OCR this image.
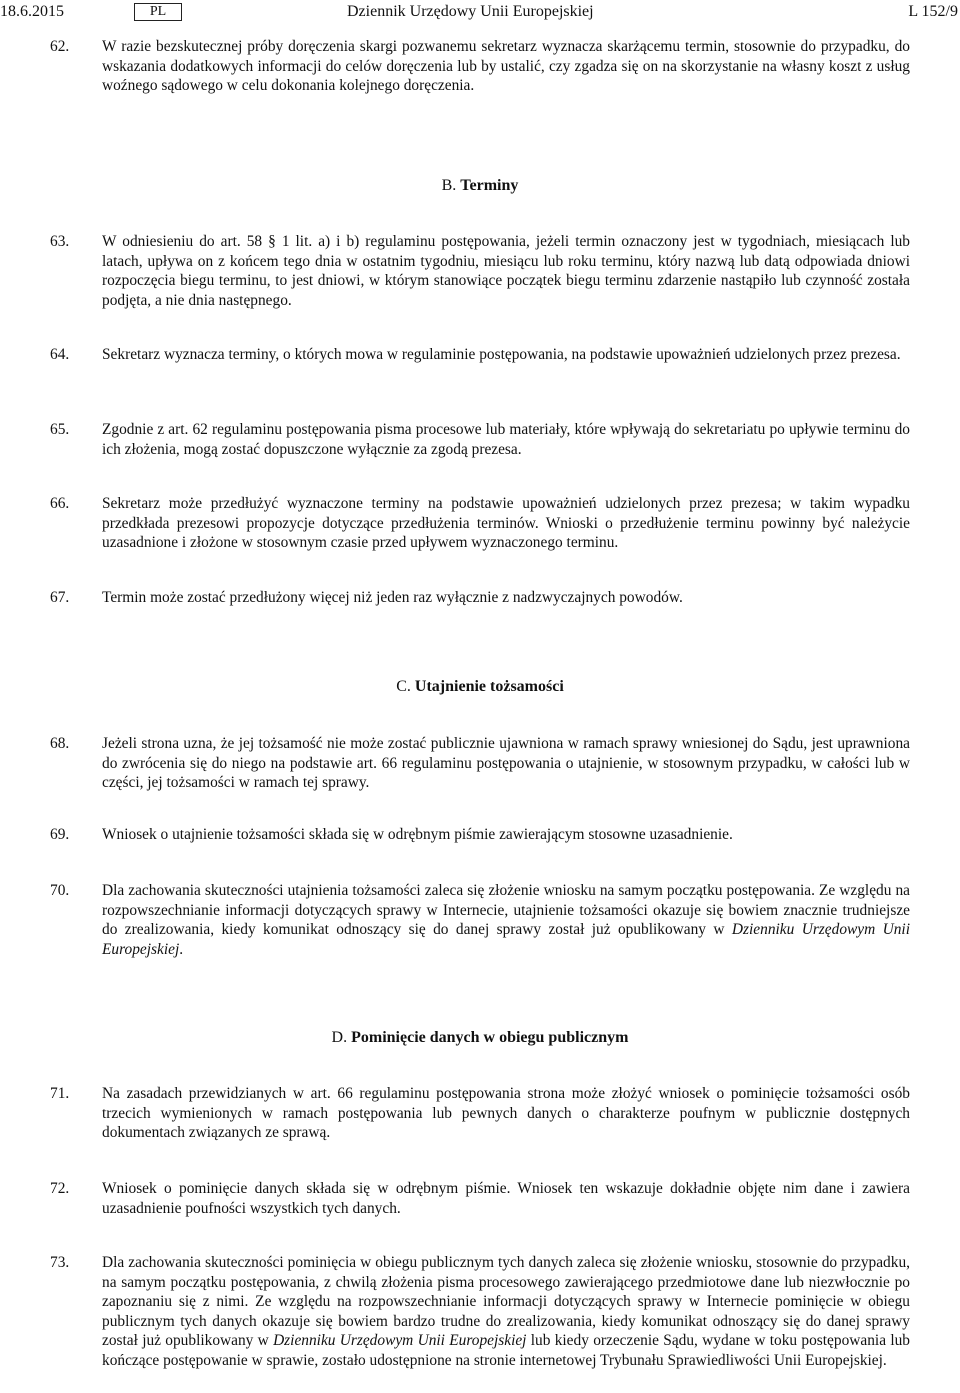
18.6.2015	PL	Dziennik Urzędowy Unii Europejskiej	L 152/9
62. W razie bezskutecznej próby doręczenia skargi pozwanemu sekretarz wyznacza skarżącemu termin, stosownie do przypadku, do wskazania dodatkowych informacji do celów doręczenia lub by ustalić, czy zgadza się on na skorzystanie na własny koszt z usług woźnego sądowego w celu dokonania kolejnego doręczenia.
B. Terminy
63. W odniesieniu do art. 58 § 1 lit. a) i b) regulaminu postępowania, jeżeli termin oznaczony jest w tygodniach, miesiącach lub latach, upływa on z końcem tego dnia w ostatnim tygodniu, miesiącu lub roku terminu, który nazwą lub datą odpowiada dniowi rozpoczęcia biegu terminu, to jest dniowi, w którym stanowiące początek biegu terminu zdarzenie nastąpiło lub czynność została podjęta, a nie dnia następnego.
64. Sekretarz wyznacza terminy, o których mowa w regulaminie postępowania, na podstawie upoważnień udzielonych przez prezesa.
65. Zgodnie z art. 62 regulaminu postępowania pisma procesowe lub materiały, które wpływają do sekretariatu po upływie terminu do ich złożenia, mogą zostać dopuszczone wyłącznie za zgodą prezesa.
66. Sekretarz może przedłużyć wyznaczone terminy na podstawie upoważnień udzielonych przez prezesa; w takim wypadku przedkłada prezesowi propozycje dotyczące przedłużenia terminów. Wnioski o przedłużenie terminu powinny być należycie uzasadnione i złożone w stosownym czasie przed upływem wyznaczonego terminu.
67. Termin może zostać przedłużony więcej niż jeden raz wyłącznie z nadzwyczajnych powodów.
C. Utajnienie tożsamości
68. Jeżeli strona uzna, że jej tożsamość nie może zostać publicznie ujawniona w ramach sprawy wniesionej do Sądu, jest uprawniona do zwrócenia się do niego na podstawie art. 66 regulaminu postępowania o utajnienie, w stosownym przypadku, w całości lub w części, jej tożsamości w ramach tej sprawy.
69. Wniosek o utajnienie tożsamości składa się w odrębnym piśmie zawierającym stosowne uzasadnienie.
70. Dla zachowania skuteczności utajnienia tożsamości zaleca się złożenie wniosku na samym początku postępowania. Ze względu na rozpowszechnianie informacji dotyczących sprawy w Internecie, utajnienie tożsamości okazuje się bowiem znacznie trudniejsze do zrealizowania, kiedy komunikat odnoszący się do danej sprawy został już opublikowany w Dzienniku Urzędowym Unii Europejskiej.
D. Pominięcie danych w obiegu publicznym
71. Na zasadach przewidzianych w art. 66 regulaminu postępowania strona może złożyć wniosek o pominięcie tożsamości osób trzecich wymienionych w ramach postępowania lub pewnych danych o charakterze poufnym w publicznie dostępnych dokumentach związanych ze sprawą.
72. Wniosek o pominięcie danych składa się w odrębnym piśmie. Wniosek ten wskazuje dokładnie objęte nim dane i zawiera uzasadnienie poufności wszystkich tych danych.
73. Dla zachowania skuteczności pominięcia w obiegu publicznym tych danych zaleca się złożenie wniosku, stosownie do przypadku, na samym początku postępowania, z chwilą złożenia pisma procesowego zawierającego przedmiotowe dane lub niezwłocznie po zapoznaniu się z nimi. Ze względu na rozpowszechnianie informacji dotyczących sprawy w Internecie pominięcie w obiegu publicznym tych danych okazuje się bowiem bardzo trudne do zrealizowania, kiedy komunikat odnoszący się do danej sprawy został już opublikowany w Dzienniku Urzędowym Unii Europejskiej lub kiedy orzeczenie Sądu, wydane w toku postępowania lub kończące postępowanie w sprawie, zostało udostępnione na stronie internetowej Trybunału Sprawiedliwości Unii Europejskiej.
